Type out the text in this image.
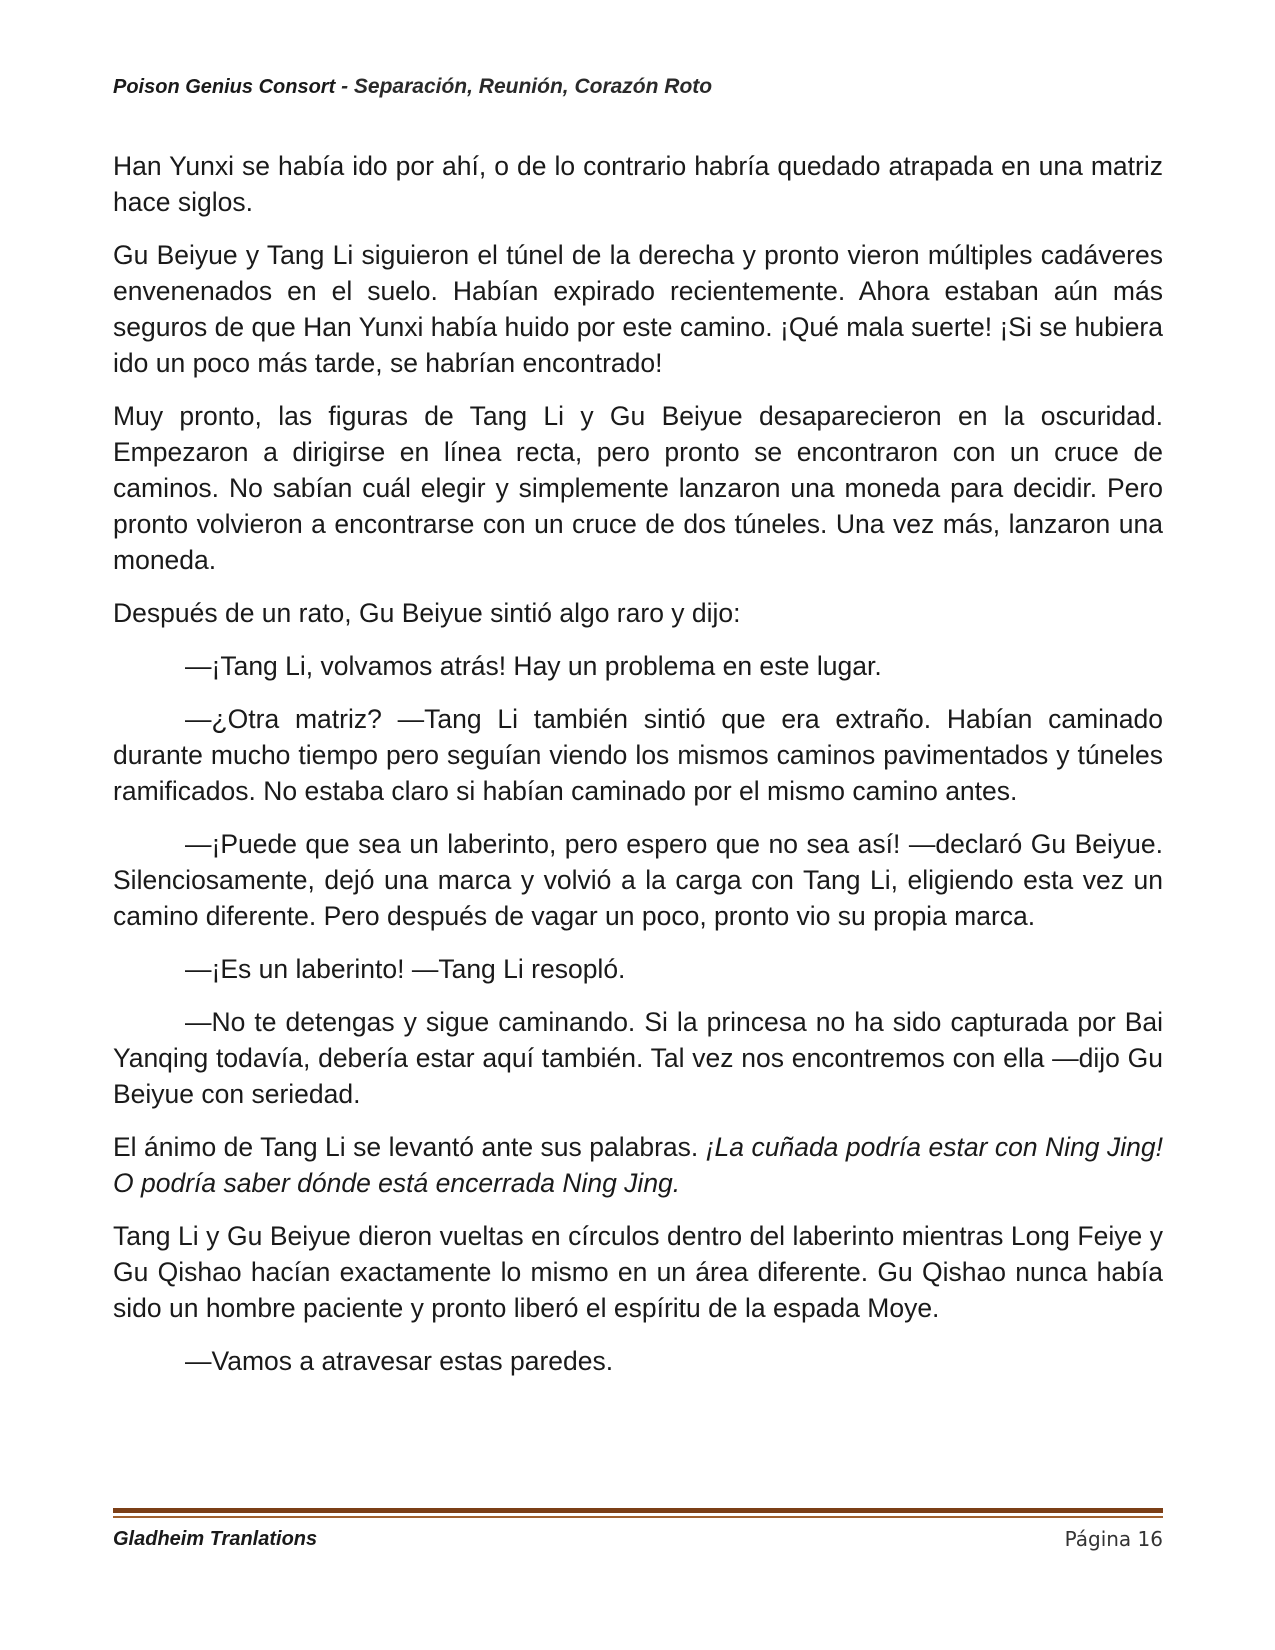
Poison Genius Consort - Separación, Reunión, Corazón Roto

Han Yunxi se había ido por ahí, o de lo contrario habría quedado atrapada en una matriz hace siglos.

Gu Beiyue y Tang Li siguieron el túnel de la derecha y pronto vieron múltiples cadáveres envenenados en el suelo. Habían expirado recientemente. Ahora estaban aún más seguros de que Han Yunxi había huido por este camino. ¡Qué mala suerte! ¡Si se hubiera ido un poco más tarde, se habrían encontrado!

Muy pronto, las figuras de Tang Li y Gu Beiyue desaparecieron en la oscuridad. Empezaron a dirigirse en línea recta, pero pronto se encontraron con un cruce de caminos. No sabían cuál elegir y simplemente lanzaron una moneda para decidir. Pero pronto volvieron a encontrarse con un cruce de dos túneles. Una vez más, lanzaron una moneda.

Después de un rato, Gu Beiyue sintió algo raro y dijo:

—¡Tang Li, volvamos atrás! Hay un problema en este lugar.

—¿Otra matriz? —Tang Li también sintió que era extraño. Habían caminado durante mucho tiempo pero seguían viendo los mismos caminos pavimentados y túneles ramificados. No estaba claro si habían caminado por el mismo camino antes.

—¡Puede que sea un laberinto, pero espero que no sea así! —declaró Gu Beiyue. Silenciosamente, dejó una marca y volvió a la carga con Tang Li, eligiendo esta vez un camino diferente. Pero después de vagar un poco, pronto vio su propia marca.

—¡Es un laberinto! —Tang Li resopló.

—No te detengas y sigue caminando. Si la princesa no ha sido capturada por Bai Yanqing todavía, debería estar aquí también. Tal vez nos encontremos con ella —dijo Gu Beiyue con seriedad.

El ánimo de Tang Li se levantó ante sus palabras. ¡La cuñada podría estar con Ning Jing! O podría saber dónde está encerrada Ning Jing.

Tang Li y Gu Beiyue dieron vueltas en círculos dentro del laberinto mientras Long Feiye y Gu Qishao hacían exactamente lo mismo en un área diferente. Gu Qishao nunca había sido un hombre paciente y pronto liberó el espíritu de la espada Moye.

—Vamos a atravesar estas paredes.

Gladheim Tranlations	Página 16
